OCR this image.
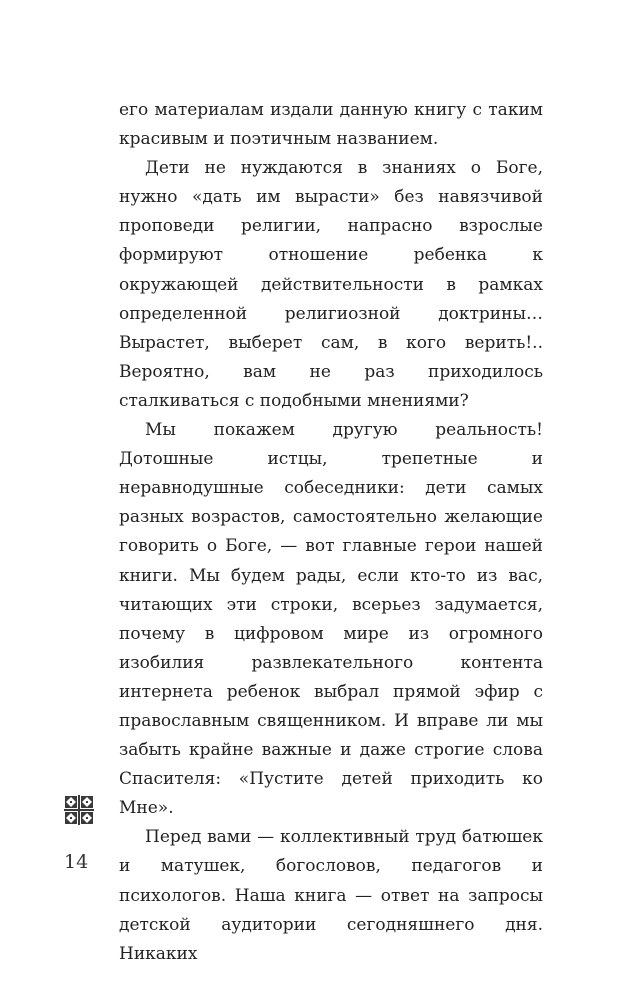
его материалам издали данную книгу с таким красивым и поэтичным названием.

Дети не нуждаются в знаниях о Боге, нужно «дать им вырасти» без навязчивой проповеди религии, напрасно взрослые формируют отношение ребенка к окружающей действительности в рамках определенной религиозной доктрины… Вырастет, выберет сам, в кого верить!.. Вероятно, вам не раз приходилось сталкиваться с подобными мнениями?

Мы покажем другую реальность! Дотошные истцы, трепетные и неравнодушные собеседники: дети самых разных возрастов, самостоятельно желающие говорить о Боге, — вот главные герои нашей книги. Мы будем рады, если кто-то из вас, читающих эти строки, всерьез задумается, почему в цифровом мире из огромного изобилия развлекательного контента интернета ребенок выбрал прямой эфир с православным священником. И вправе ли мы забыть крайне важные и даже строгие слова Спасителя: «Пустите детей приходить ко Мне».

Перед вами — коллективный труд батюшек и матушек, богословов, педагогов и психологов. Наша книга — ответ на запросы детской аудитории сегодняшнего дня. Никаких

14
